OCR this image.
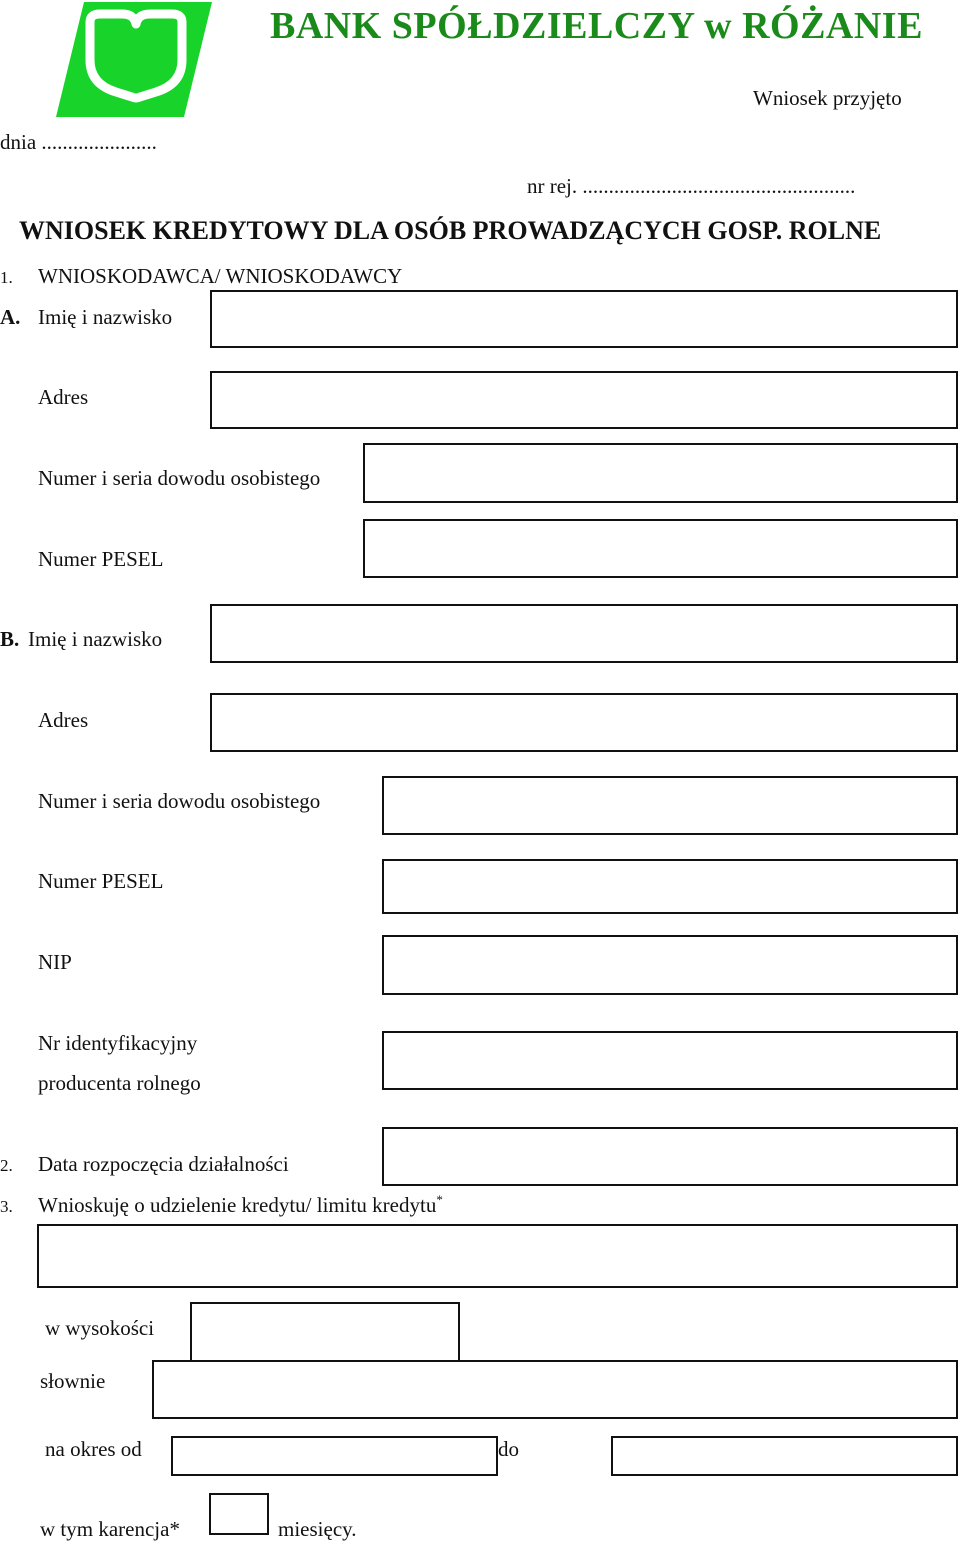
BANK SPÓŁDZIELCZY w RÓŻANIE
Wniosek przyjęto
dnia ......................
nr rej. ....................................................
WNIOSEK KREDYTOWY DLA OSÓB PROWADZĄCYCH GOSP. ROLNE
1. WNIOSKODAWCA/ WNIOSKODAWCY
A. Imię i nazwisko
Adres
Numer i seria dowodu osobistego
Numer PESEL
B. Imię i nazwisko
Adres
Numer i seria dowodu osobistego
Numer PESEL
NIP
Nr identyfikacyjny
producenta rolnego
2. Data rozpoczęcia działalności
3. Wnioskuję o udzielenie kredytu/ limitu kredytu*
w wysokości
słownie
na okres od	do
w tym karencja*	miesięcy.
